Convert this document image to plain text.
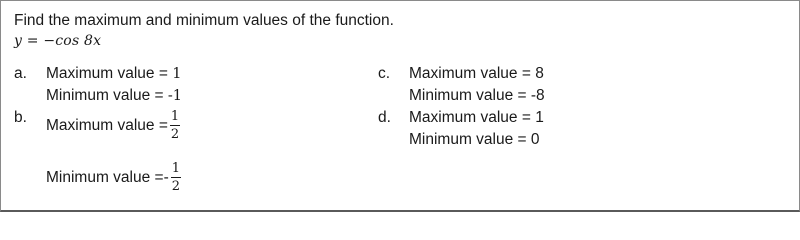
Find the maximum and minimum values of the function.
y = −cos 8x
a. Maximum value = 1
Minimum value = -1
b. Maximum value = $\frac{1}{2}$
Minimum value = - $\frac{1}{2}$
c. Maximum value = 8
Minimum value = -8
d. Maximum value = 1
Minimum value = 0
